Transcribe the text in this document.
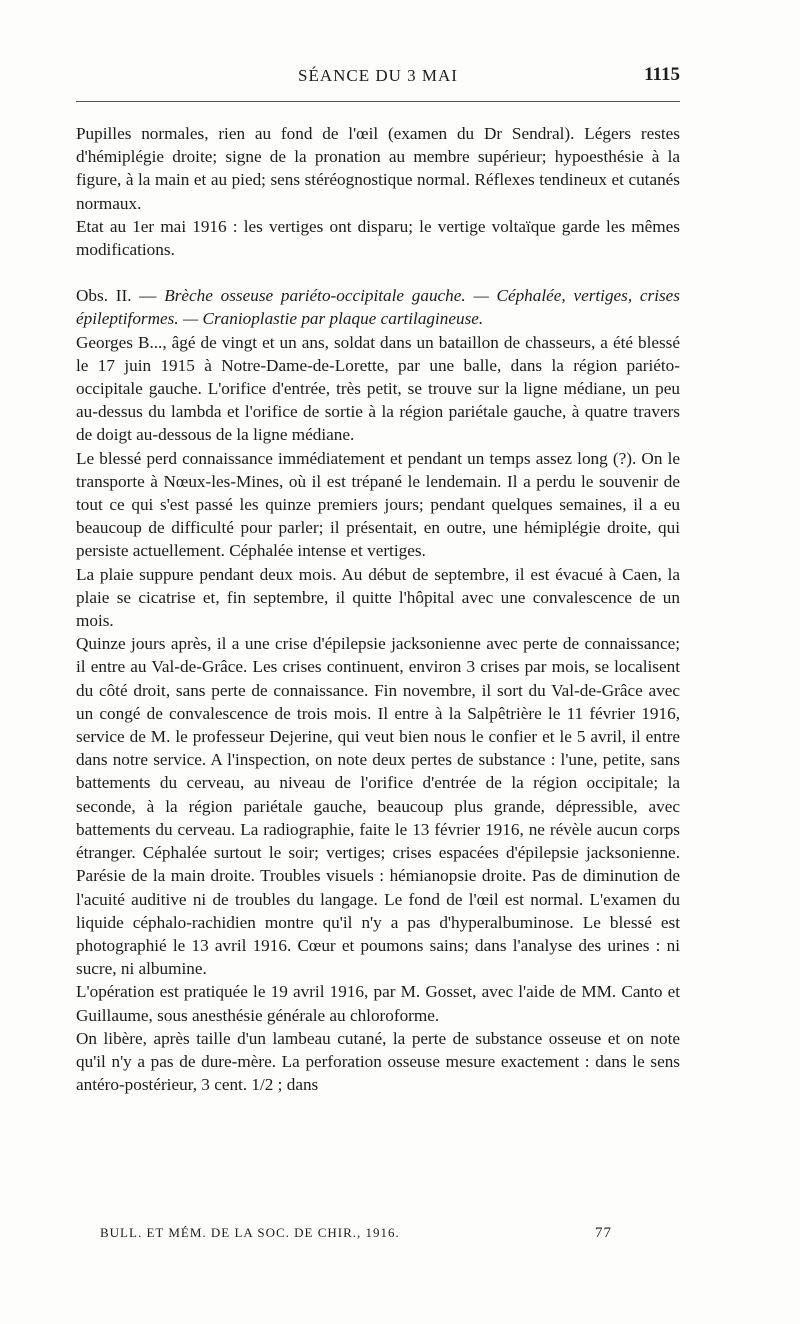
SÉANCE DU 3 MAI	1115

Pupilles normales, rien au fond de l'œil (examen du Dr Sendral). Légers restes d'hémiplégie droite; signe de la pronation au membre supérieur; hypoesthésie à la figure, à la main et au pied; sens stéréognostique normal. Réflexes tendineux et cutanés normaux.

Etat au 1er mai 1916 : les vertiges ont disparu; le vertige voltaïque garde les mêmes modifications.

Obs. II. — Brèche osseuse pariéto-occipitale gauche. — Céphalée, vertiges, crises épileptiformes. — Cranioplastie par plaque cartilagineuse.

Georges B..., âgé de vingt et un ans, soldat dans un bataillon de chasseurs, a été blessé le 17 juin 1915 à Notre-Dame-de-Lorette, par une balle, dans la région pariéto-occipitale gauche. L'orifice d'entrée, très petit, se trouve sur la ligne médiane, un peu au-dessus du lambda et l'orifice de sortie à la région pariétale gauche, à quatre travers de doigt au-dessous de la ligne médiane.

Le blessé perd connaissance immédiatement et pendant un temps assez long (?). On le transporte à Nœux-les-Mines, où il est trépané le lendemain. Il a perdu le souvenir de tout ce qui s'est passé les quinze premiers jours; pendant quelques semaines, il a eu beaucoup de difficulté pour parler; il présentait, en outre, une hémiplégie droite, qui persiste actuellement. Céphalée intense et vertiges.

La plaie suppure pendant deux mois. Au début de septembre, il est évacué à Caen, la plaie se cicatrise et, fin septembre, il quitte l'hôpital avec une convalescence de un mois.

Quinze jours après, il a une crise d'épilepsie jacksonienne avec perte de connaissance; il entre au Val-de-Grâce. Les crises continuent, environ 3 crises par mois, se localisent du côté droit, sans perte de connaissance. Fin novembre, il sort du Val-de-Grâce avec un congé de convalescence de trois mois. Il entre à la Salpêtrière le 11 février 1916, service de M. le professeur Dejerine, qui veut bien nous le confier et le 5 avril, il entre dans notre service. A l'inspection, on note deux pertes de substance : l'une, petite, sans battements du cerveau, au niveau de l'orifice d'entrée de la région occipitale; la seconde, à la région pariétale gauche, beaucoup plus grande, dépressible, avec battements du cerveau. La radiographie, faite le 13 février 1916, ne révèle aucun corps étranger. Céphalée surtout le soir; vertiges; crises espacées d'épilepsie jacksonienne. Parésie de la main droite. Troubles visuels : hémianopsie droite. Pas de diminution de l'acuité auditive ni de troubles du langage. Le fond de l'œil est normal. L'examen du liquide céphalo-rachidien montre qu'il n'y a pas d'hyperalbuminose. Le blessé est photographié le 13 avril 1916. Cœur et poumons sains; dans l'analyse des urines : ni sucre, ni albumine.

L'opération est pratiquée le 19 avril 1916, par M. Gosset, avec l'aide de MM. Canto et Guillaume, sous anesthésie générale au chloroforme.

On libère, après taille d'un lambeau cutané, la perte de substance osseuse et on note qu'il n'y a pas de dure-mère. La perforation osseuse mesure exactement : dans le sens antéro-postérieur, 3 cent. 1/2 ; dans

BULL. ET MÉM. DE LA SOC. DE CHIR., 1916.	77
